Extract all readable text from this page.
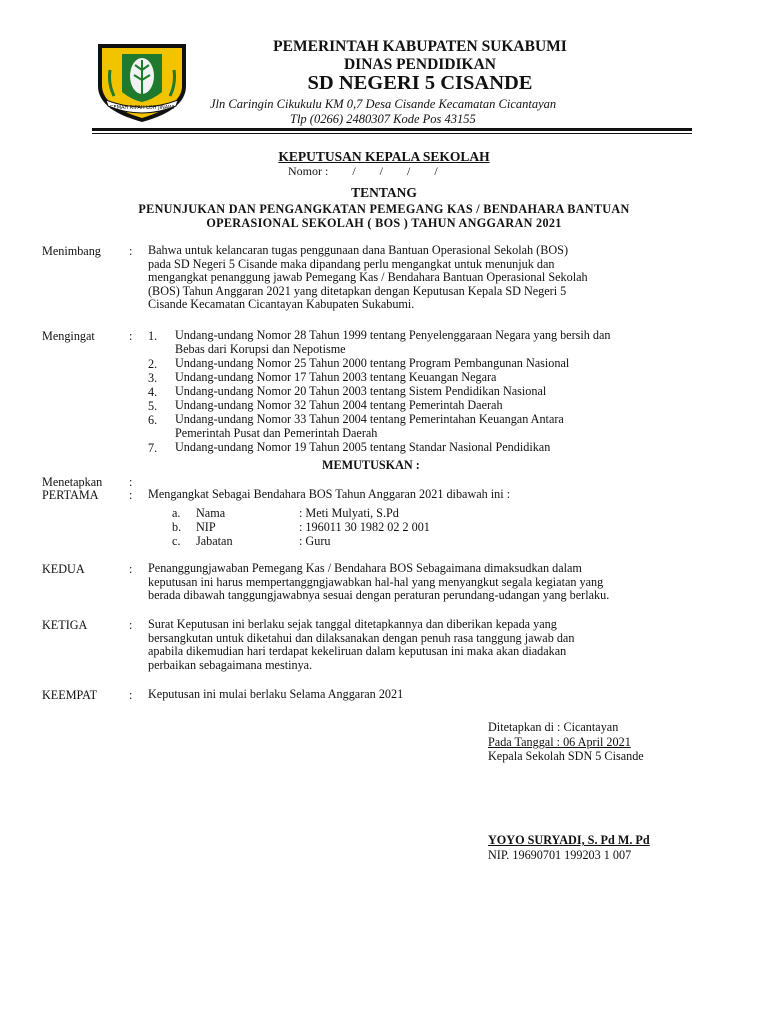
GEMAH RIPAH LOH JINAWI
PEMERINTAH KABUPATEN SUKABUMI
DINAS PENDIDIKAN
SD NEGERI 5 CISANDE
Jln Caringin Cikukulu KM 0,7 Desa Cisande Kecamatan Cicantayan
Tlp (0266) 2480307 Kode Pos 43155
KEPUTUSAN KEPALA SEKOLAH
Nomor :        /        /        /        /
TENTANG
PENUNJUKAN DAN PENGANGKATAN PEMEGANG KAS / BENDAHARA BANTUAN
OPERASIONAL SEKOLAH ( BOS ) TAHUN ANGGARAN 2021
Menimbang : Bahwa untuk kelancaran tugas penggunaan dana Bantuan Operasional Sekolah (BOS)
pada SD Negeri 5 Cisande maka dipandang perlu mengangkat untuk menunjuk dan
mengangkat penanggung jawab Pemegang Kas / Bendahara Bantuan Operasional Sekolah
(BOS) Tahun Anggaran 2021 yang ditetapkan dengan Keputusan Kepala SD Negeri 5
Cisande Kecamatan Cicantayan Kabupaten Sukabumi.
Mengingat	: 1. Undang-undang Nomor 28 Tahun 1999 tentang Penyelenggaraan Negara yang bersih dan
Bebas dari Korupsi dan Nepotisme
2. Undang-undang Nomor 25 Tahun 2000 tentang Program Pembangunan Nasional
3. Undang-undang Nomor 17 Tahun 2003 tentang Keuangan Negara
4. Undang-undang Nomor 20 Tahun 2003 tentang Sistem Pendidikan Nasional
5. Undang-undang Nomor 32 Tahun 2004 tentang Pemerintah Daerah
6. Undang-undang Nomor 33 Tahun 2004 tentang Pemerintahan Keuangan Antara
Pemerintah Pusat dan Pemerintah Daerah
7. Undang-undang Nomor 19 Tahun 2005 tentang Standar Nasional Pendidikan
MEMUTUSKAN :
Menetapkan :
PERTAMA : Mengangkat Sebagai Bendahara BOS Tahun Anggaran 2021 dibawah ini :
a. Nama	: Meti Mulyati, S.Pd
b. NIP	: 196011 30 1982 02 2 001
c. Jabatan	: Guru
KEDUA	: Penanggungjawaban Pemegang Kas / Bendahara BOS Sebagaimana dimaksudkan dalam
keputusan ini harus mempertanggngjawabkan hal-hal yang menyangkut segala kegiatan yang
berada dibawah tanggungjawabnya sesuai dengan peraturan perundang-udangan yang berlaku.
KETIGA	: Surat Keputusan ini berlaku sejak tanggal ditetapkannya dan diberikan kepada yang
bersangkutan untuk diketahui dan dilaksanakan dengan penuh rasa tanggung jawab dan
apabila dikemudian hari terdapat kekeliruan dalam keputusan ini maka akan diadakan
perbaikan sebagaimana mestinya.
KEEMPAT	: Keputusan ini mulai berlaku Selama Anggaran 2021
Ditetapkan di : Cicantayan
Pada Tanggal : 06 April 2021
Kepala Sekolah SDN 5 Cisande
YOYO SURYADI, S. Pd M. Pd
NIP. 19690701 199203 1 007
